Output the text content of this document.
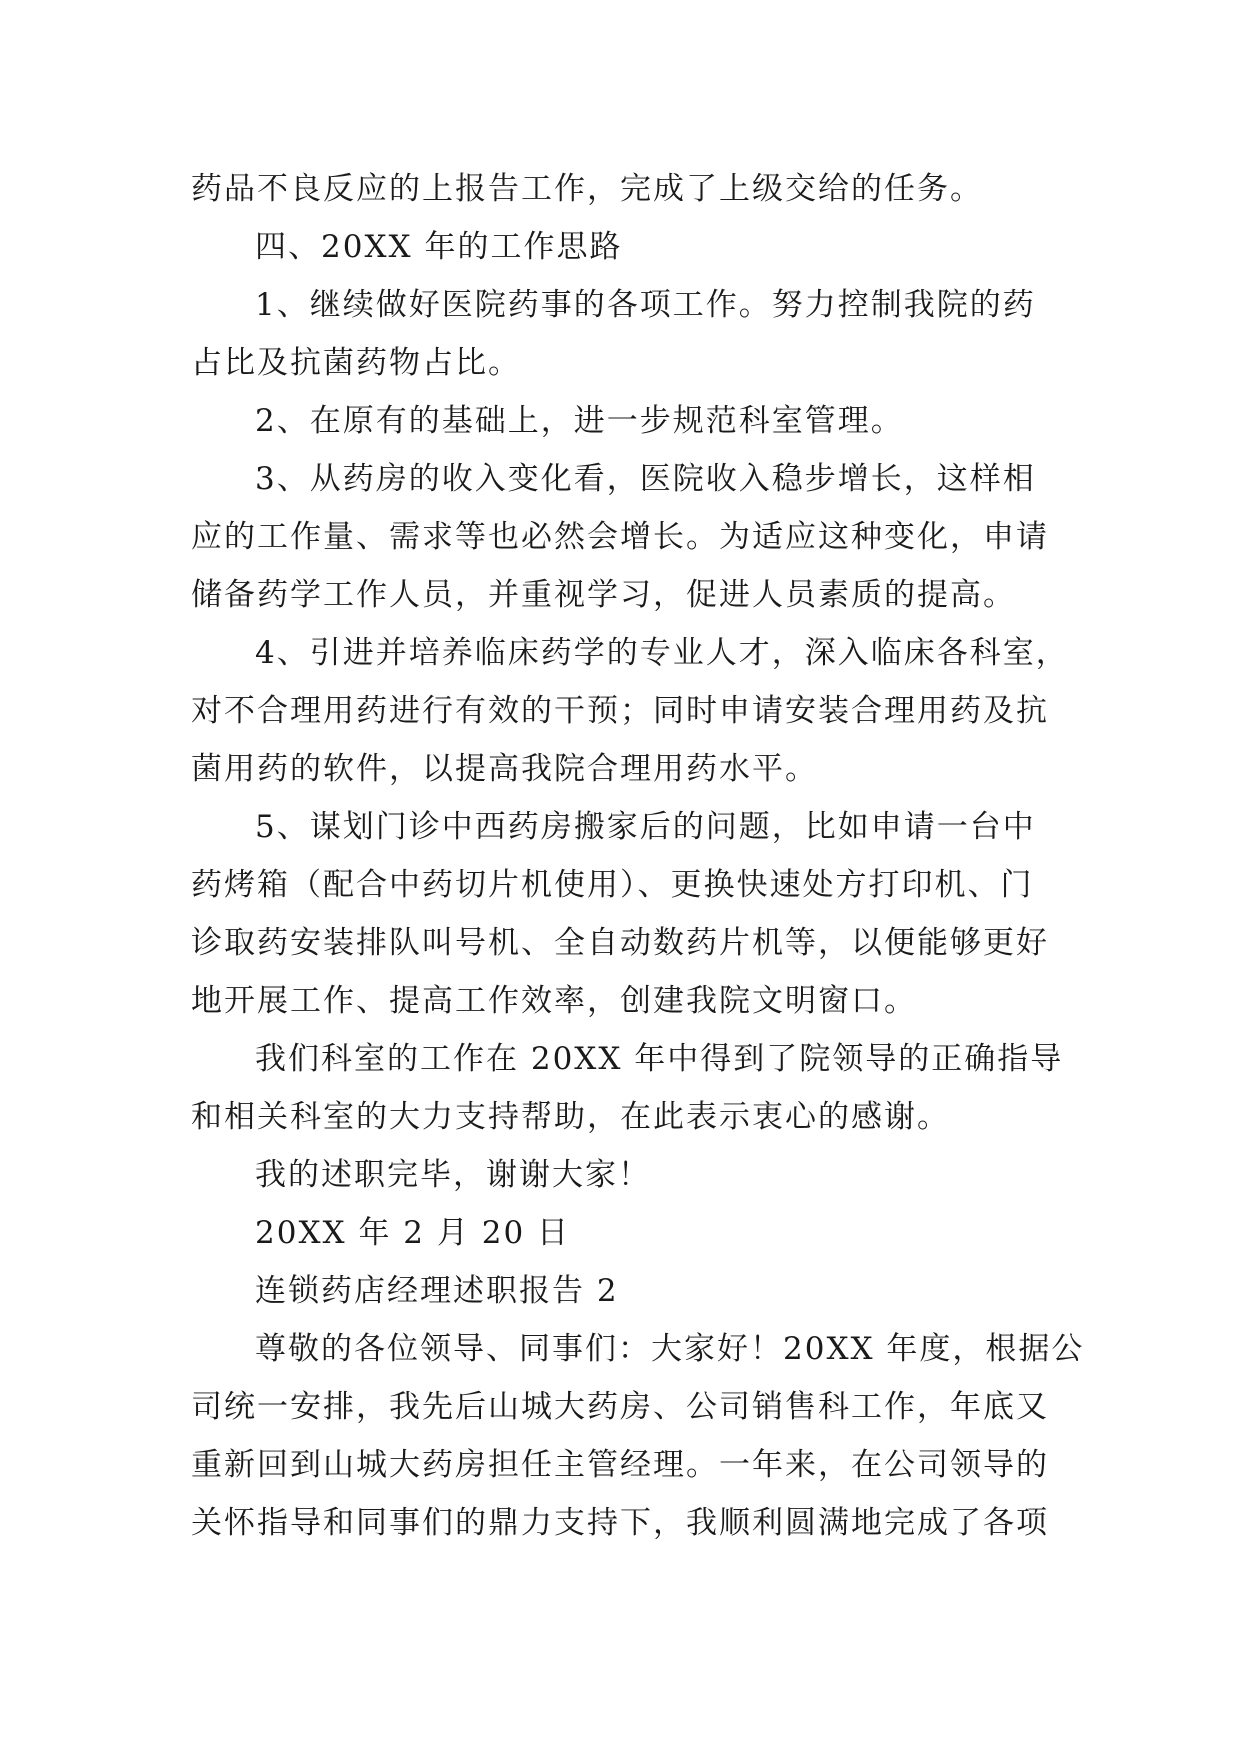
药品不良反应的上报告工作，完成了上级交给的任务。
四、20XX 年的工作思路
1、继续做好医院药事的各项工作。努力控制我院的药
占比及抗菌药物占比。
2、在原有的基础上，进一步规范科室管理。
3、从药房的收入变化看，医院收入稳步增长，这样相
应的工作量、需求等也必然会增长。为适应这种变化，申请
储备药学工作人员，并重视学习，促进人员素质的提高。
4、引进并培养临床药学的专业人才，深入临床各科室，
对不合理用药进行有效的干预；同时申请安装合理用药及抗
菌用药的软件，以提高我院合理用药水平。
5、谋划门诊中西药房搬家后的问题，比如申请一台中
药烤箱（配合中药切片机使用）、更换快速处方打印机、门
诊取药安装排队叫号机、全自动数药片机等，以便能够更好
地开展工作、提高工作效率，创建我院文明窗口。
我们科室的工作在 20XX 年中得到了院领导的正确指导
和相关科室的大力支持帮助，在此表示衷心的感谢。
我的述职完毕，谢谢大家！
20XX 年 2 月 20 日
连锁药店经理述职报告 2
尊敬的各位领导、同事们：大家好！20XX 年度，根据公
司统一安排，我先后山城大药房、公司销售科工作，年底又
重新回到山城大药房担任主管经理。一年来，在公司领导的
关怀指导和同事们的鼎力支持下，我顺利圆满地完成了各项
